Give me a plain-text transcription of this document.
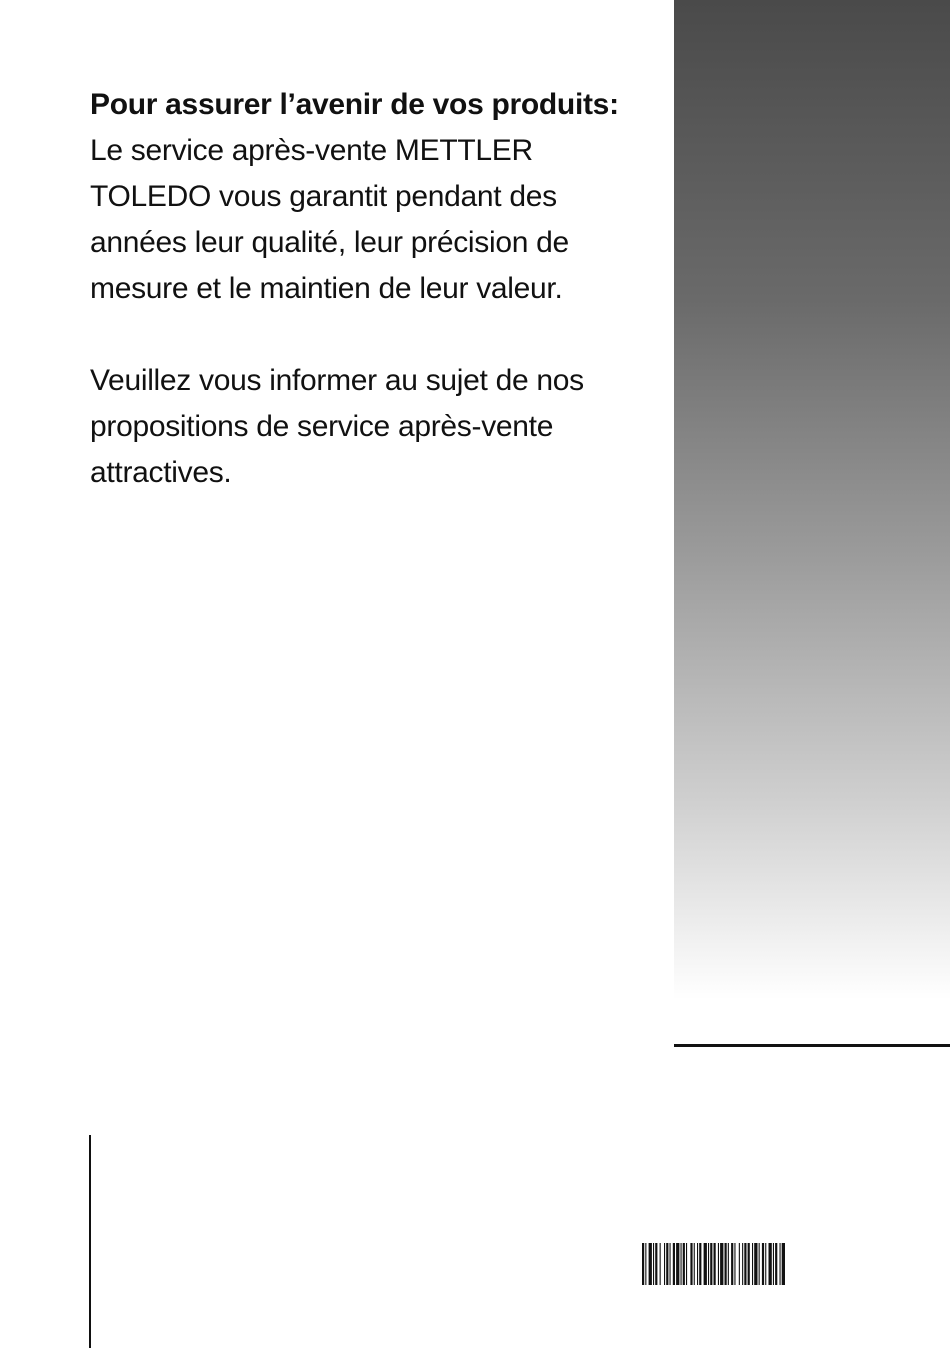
Pour assurer l’avenir de vos produits:
Le service après-vente METTLER TOLEDO vous garantit pendant des années leur qualité, leur précision de mesure et le maintien de leur valeur.

Veuillez vous informer au sujet de nos propositions de service après-vente attractives.
